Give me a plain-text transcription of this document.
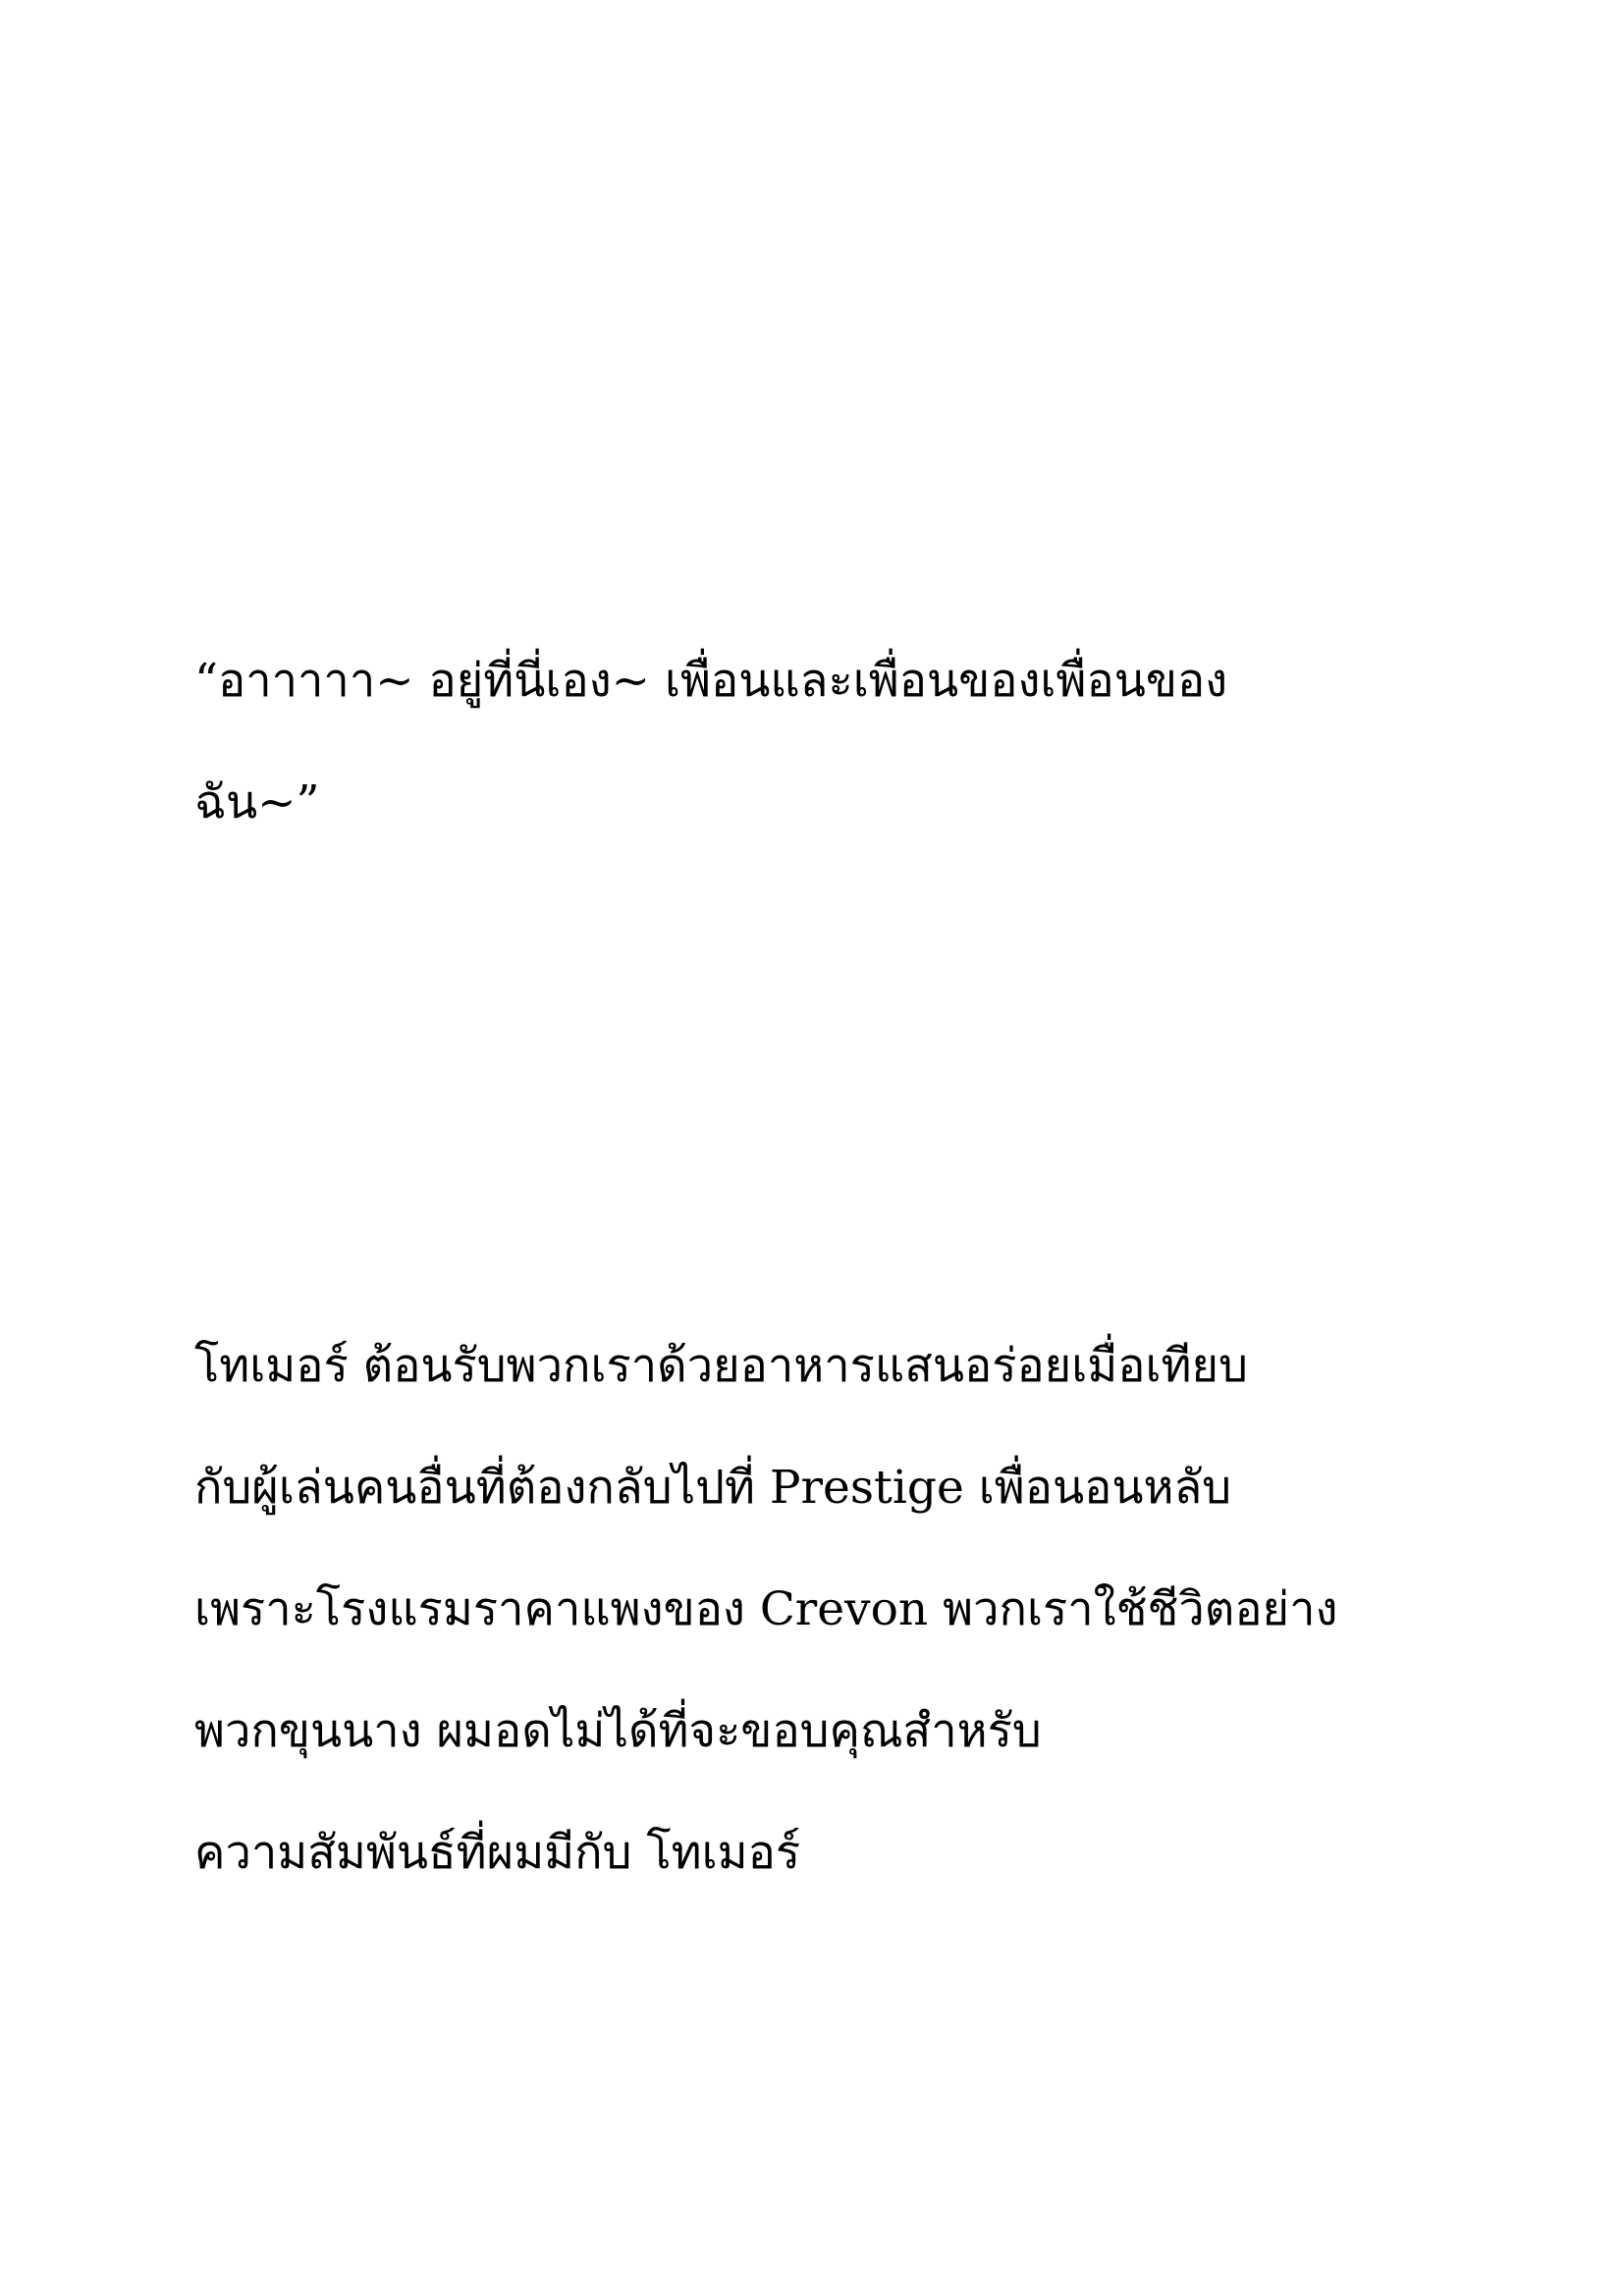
“อาาาาา~ อยู่ที่นี่เอง~ เพื่อนและเพื่อนของเพื่อนของ

ฉัน~”

โทเมอร์ ต้อนรับพวกเราด้วยอาหารแสนอร่อยเมื่อเทียบ

กับผู้เล่นคนอื่นที่ต้องกลับไปที่ Prestige เพื่อนอนหลับ

เพราะโรงแรมราคาแพงของ Crevon พวกเราใช้ชีวิตอย่าง

พวกขุนนาง ผมอดไม่ได้ที่จะขอบคุณสำหรับ

ความสัมพันธ์ที่ผมมีกับ โทเมอร์
